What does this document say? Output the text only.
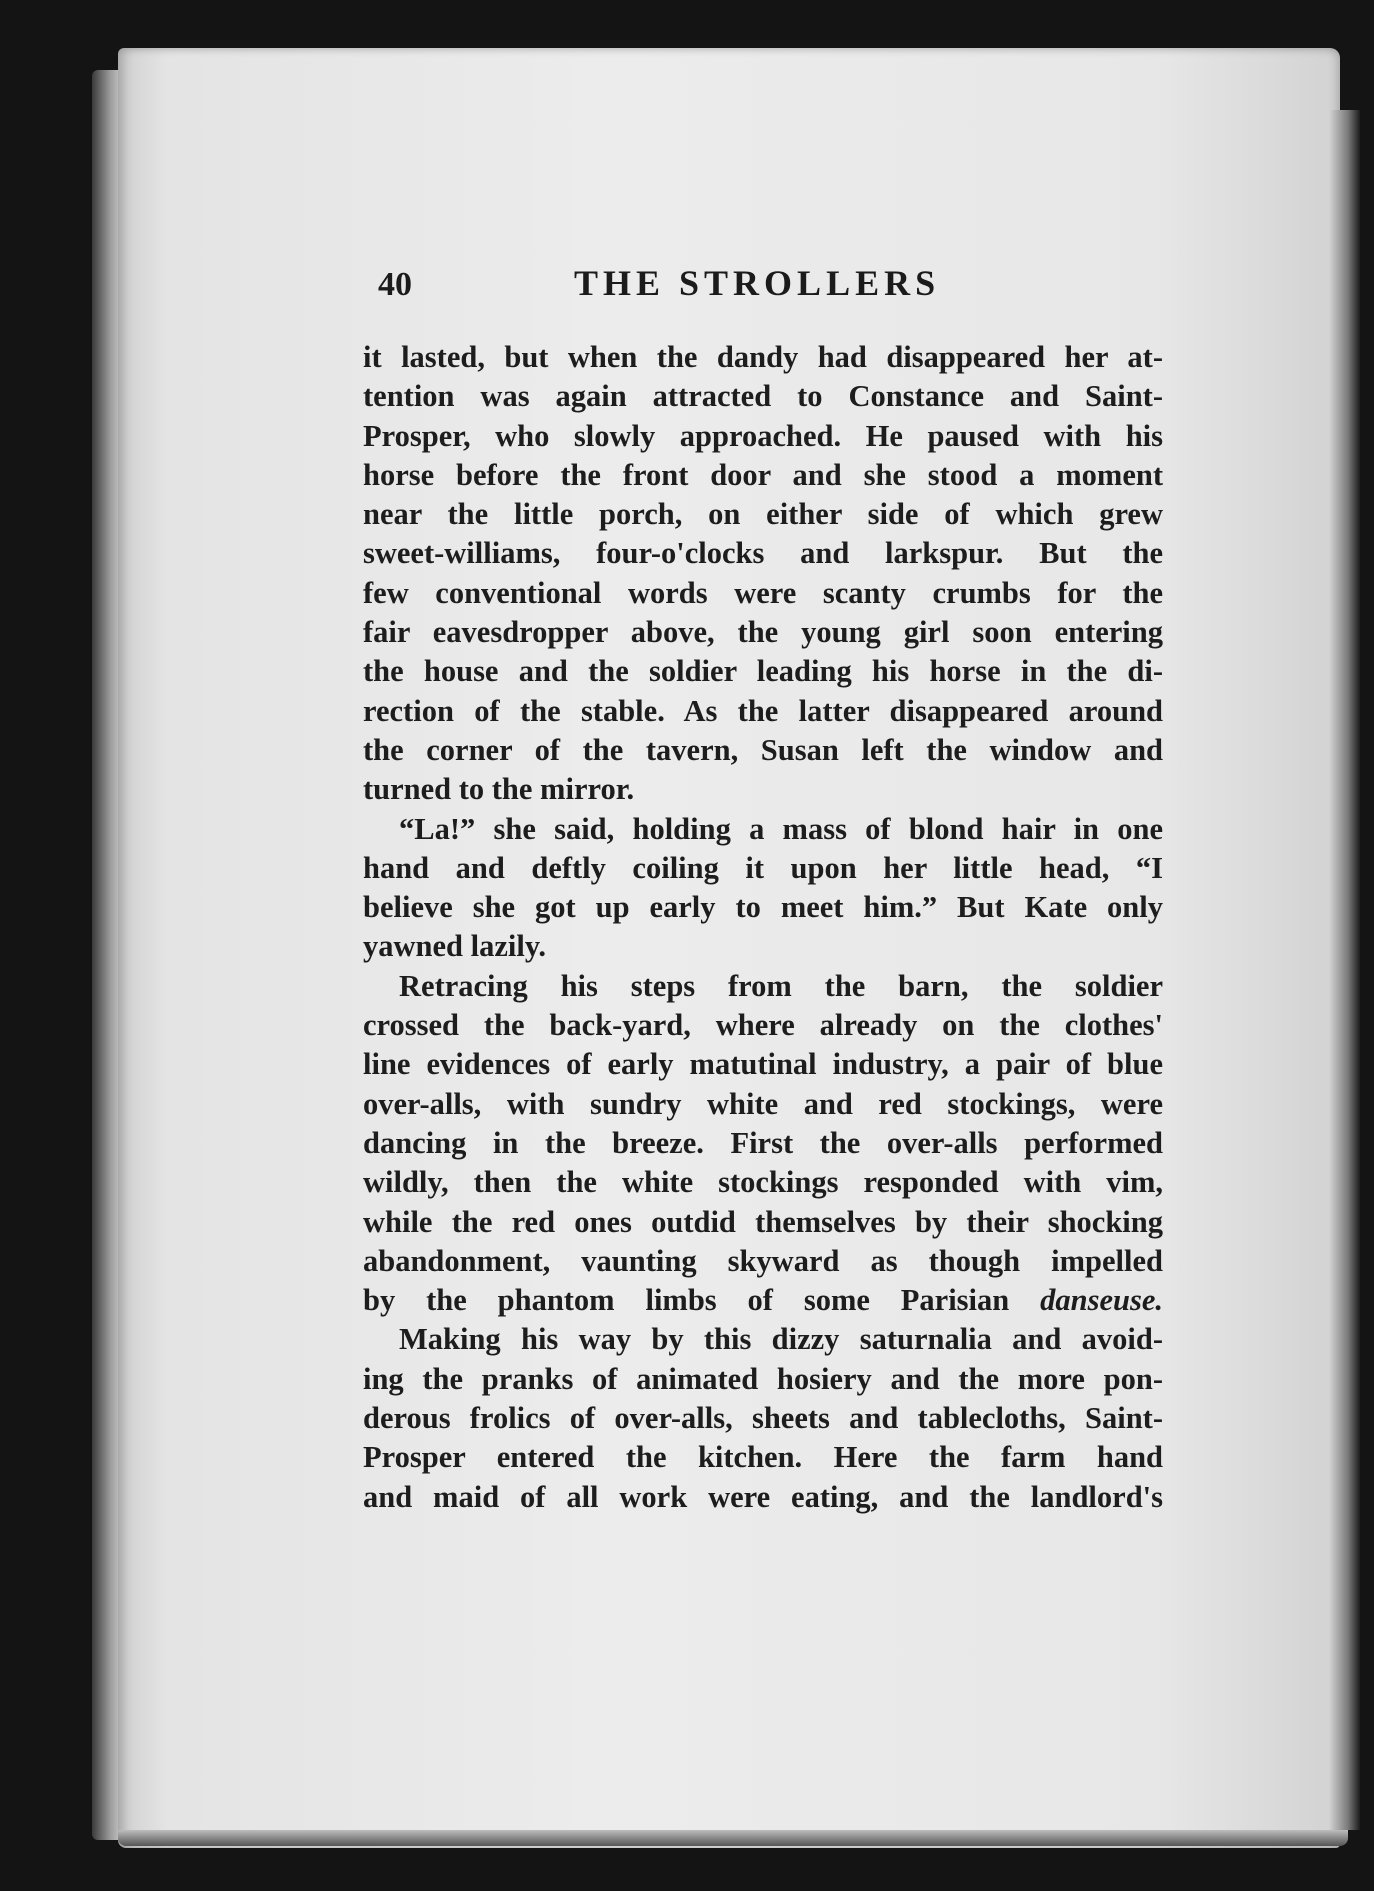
40	THE STROLLERS
it lasted, but when the dandy had disappeared her at-
tention was again attracted to Constance and Saint-
Prosper, who slowly approached. He paused with his
horse before the front door and she stood a moment
near the little porch, on either side of which grew
sweet-williams, four-o'clocks and larkspur. But the
few conventional words were scanty crumbs for the
fair eavesdropper above, the young girl soon entering
the house and the soldier leading his horse in the di-
rection of the stable. As the latter disappeared around
the corner of the tavern, Susan left the window and
turned to the mirror.
“La!” she said, holding a mass of blond hair in one
hand and deftly coiling it upon her little head, “I
believe she got up early to meet him.” But Kate only
yawned lazily.
Retracing his steps from the barn, the soldier
crossed the back-yard, where already on the clothes'
line evidences of early matutinal industry, a pair of blue
over-alls, with sundry white and red stockings, were
dancing in the breeze. First the over-alls performed
wildly, then the white stockings responded with vim,
while the red ones outdid themselves by their shocking
abandonment, vaunting skyward as though impelled
by the phantom limbs of some Parisian danseuse.
Making his way by this dizzy saturnalia and avoid-
ing the pranks of animated hosiery and the more pon-
derous frolics of over-alls, sheets and tablecloths, Saint-
Prosper entered the kitchen. Here the farm hand
and maid of all work were eating, and the landlord's
